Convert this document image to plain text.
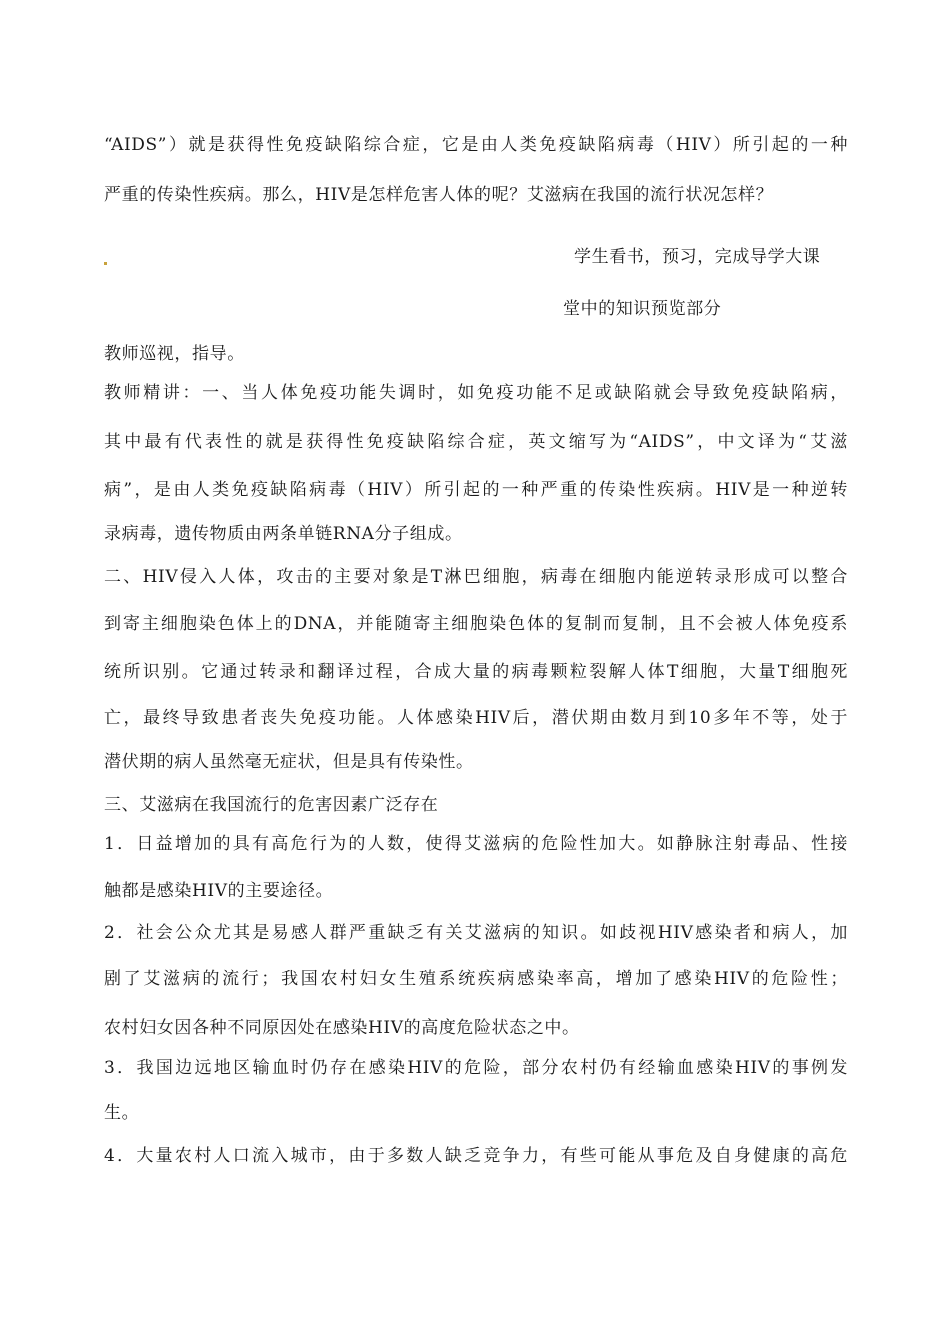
“AIDS”）就是获得性免疫缺陷综合症，它是由人类免疫缺陷病毒（HIV）所引起的一种
严重的传染性疾病。那么，HIV是怎样危害人体的呢？艾滋病在我国的流行状况怎样？
学生看书，预习，完成导学大课
堂中的知识预览部分
教师巡视，指导。
教师精讲：一、当人体免疫功能失调时，如免疫功能不足或缺陷就会导致免疫缺陷病，
其中最有代表性的就是获得性免疫缺陷综合症，英文缩写为“AIDS”，中文译为“艾滋
病”，是由人类免疫缺陷病毒（HIV）所引起的一种严重的传染性疾病。HIV是一种逆转
录病毒，遗传物质由两条单链RNA分子组成。
二、HIV侵入人体，攻击的主要对象是T淋巴细胞，病毒在细胞内能逆转录形成可以整合
到寄主细胞染色体上的DNA，并能随寄主细胞染色体的复制而复制，且不会被人体免疫系
统所识别。它通过转录和翻译过程，合成大量的病毒颗粒裂解人体T细胞，大量T细胞死
亡，最终导致患者丧失免疫功能。人体感染HIV后，潜伏期由数月到10多年不等，处于
潜伏期的病人虽然毫无症状，但是具有传染性。
三、艾滋病在我国流行的危害因素广泛存在
1．日益增加的具有高危行为的人数，使得艾滋病的危险性加大。如静脉注射毒品、性接
触都是感染HIV的主要途径。
2．社会公众尤其是易感人群严重缺乏有关艾滋病的知识。如歧视HIV感染者和病人，加
剧了艾滋病的流行；我国农村妇女生殖系统疾病感染率高，增加了感染HIV的危险性；
农村妇女因各种不同原因处在感染HIV的高度危险状态之中。
3．我国边远地区输血时仍存在感染HIV的危险，部分农村仍有经输血感染HIV的事例发
生。
4．大量农村人口流入城市，由于多数人缺乏竞争力，有些可能从事危及自身健康的高危
